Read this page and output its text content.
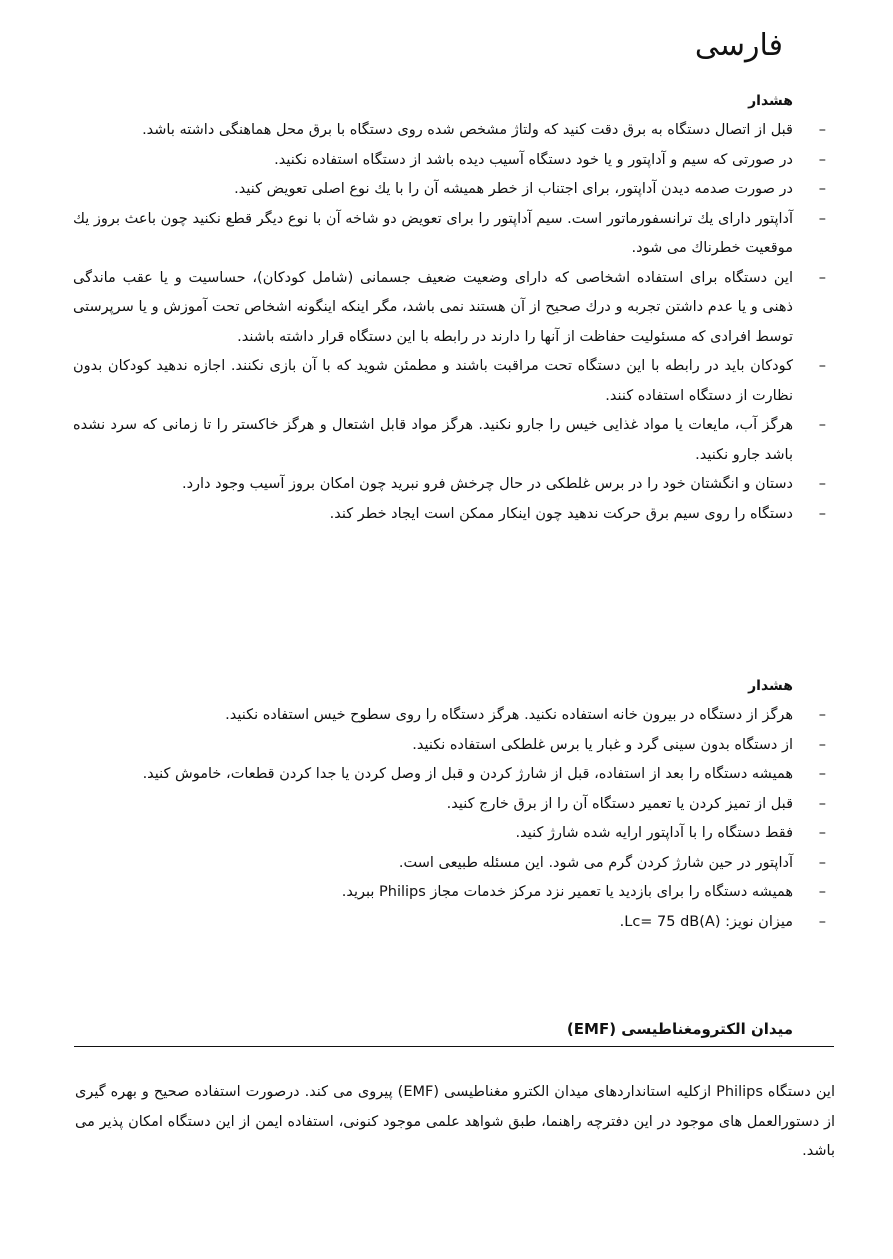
فارسی
هشدار
–
قبل از اتصال دستگاه به برق دقت کنید که ولتاژ مشخص شده روی دستگاه با برق محل هماهنگی داشته باشد.
–
در صورتی که سیم و آداپتور و یا خود دستگاه آسیب دیده باشد از دستگاه استفاده نکنید.
–
در صورت صدمه دیدن آداپتور، برای اجتناب از خطر همیشه آن را با یك نوع اصلی تعویض کنید.
–
آداپتور دارای یك ترانسفورماتور است. سیم آداپتور را برای تعویض دو شاخه آن با نوع دیگر قطع نکنید چون باعث بروز یك موقعیت خطرناك می شود.
–
این دستگاه برای استفاده اشخاصی که دارای وضعیت ضعیف جسمانی (شامل کودکان)، حساسیت و یا عقب ماندگی ذهنی و یا عدم داشتن تجربه و درك صحیح از آن هستند نمی باشد، مگر اینکه اینگونه اشخاص تحت آموزش و یا سرپرستی توسط افرادی که مسئولیت حفاظت از آنها را دارند در رابطه با این دستگاه قرار داشته باشند.
–
کودکان باید در رابطه با این دستگاه تحت مراقبت باشند و مطمئن شوید که با آن بازی نکنند. اجازه ندهید کودکان بدون نظارت از دستگاه استفاده کنند.
–
هرگز آب، مایعات یا مواد غذایی خیس را جارو نکنید. هرگز مواد قابل اشتعال و هرگز خاکستر را تا زمانی که سرد نشده باشد جارو نکنید.
–
دستان و انگشتان خود را در برس غلطکی در حال چرخش فرو نبرید چون امکان بروز آسیب وجود دارد.
–
دستگاه را روی سیم برق حرکت ندهید چون اینکار ممکن است ایجاد خطر کند.
هشدار
–
هرگز از دستگاه در بیرون خانه استفاده نکنید. هرگز دستگاه را روی سطوح خیس استفاده نکنید.
–
از دستگاه بدون سینی گرد و غبار یا برس غلطکی استفاده نکنید.
–
همیشه دستگاه را بعد از استفاده، قبل از شارژ کردن و قبل از وصل کردن یا جدا کردن قطعات، خاموش کنید.
–
قبل از تمیز کردن یا تعمیر دستگاه آن را از برق خارج کنید.
–
فقط دستگاه را با آداپتور ارایه شده شارژ کنید.
–
آداپتور در حین شارژ کردن گرم می شود. این مسئله طبیعی است.
–
همیشه دستگاه را برای بازدید یا تعمیر نزد مرکز خدمات مجاز Philips ببرید.
–
میزان نویز: Lc= 75 dB(A).
میدان الکترومغناطیسی (EMF)

این دستگاه Philips ازکلیه استانداردهای میدان الکترو مغناطیسی (EMF) پیروی می کند. درصورت استفاده صحیح و بهره گیری از دستورالعمل های موجود در این دفترچه راهنما، طبق شواهد علمی موجود کنونی، استفاده ایمن از این دستگاه امکان پذیر می باشد.
